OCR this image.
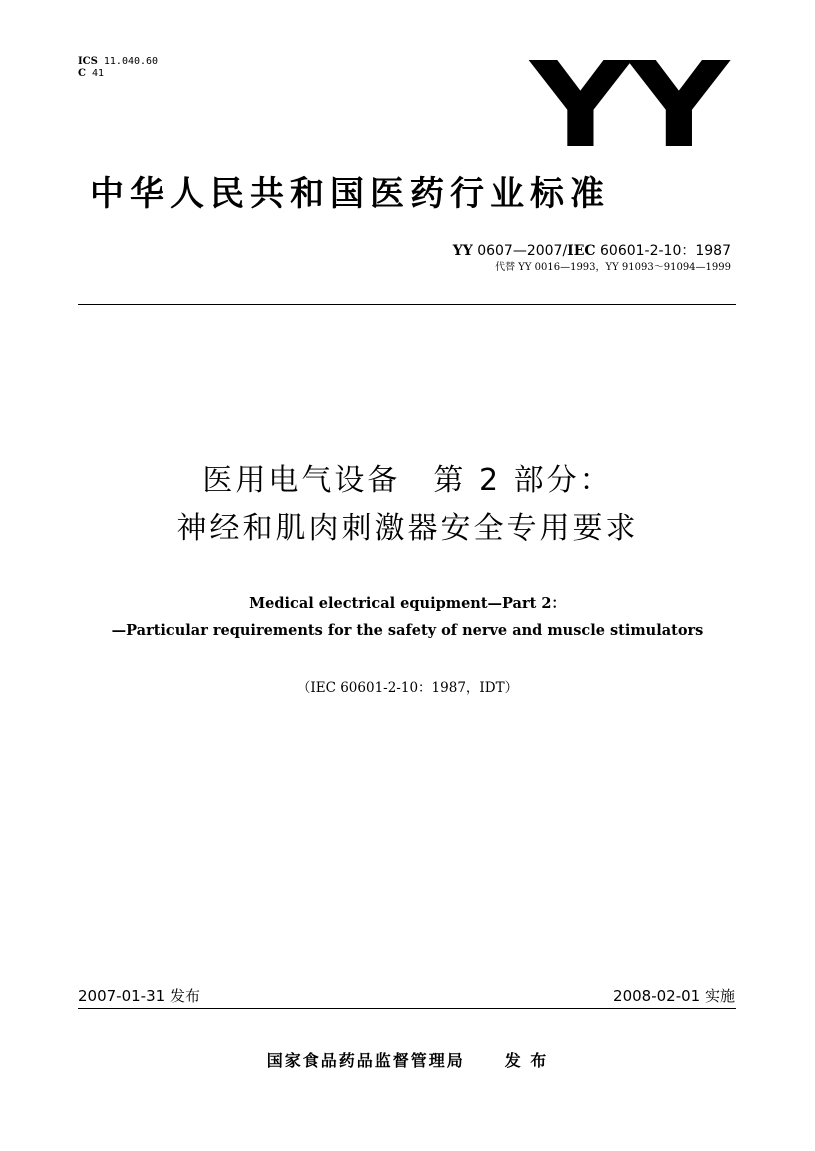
ICS 11.040.60
C 41	YY
中华人民共和国医药行业标准
YY 0607—2007/IEC 60601-2-10：1987
代替 YY 0016—1993，YY 91093～91094—1999
医用电气设备　第 2 部分：
神经和肌肉刺激器安全专用要求
Medical electrical equipment—Part 2：
—Particular requirements for the safety of nerve and muscle stimulators
（IEC 60601-2-10：1987，IDT）
2007-01-31 发布	2008-02-01 实施
国家食品药品监督管理局	发 布
